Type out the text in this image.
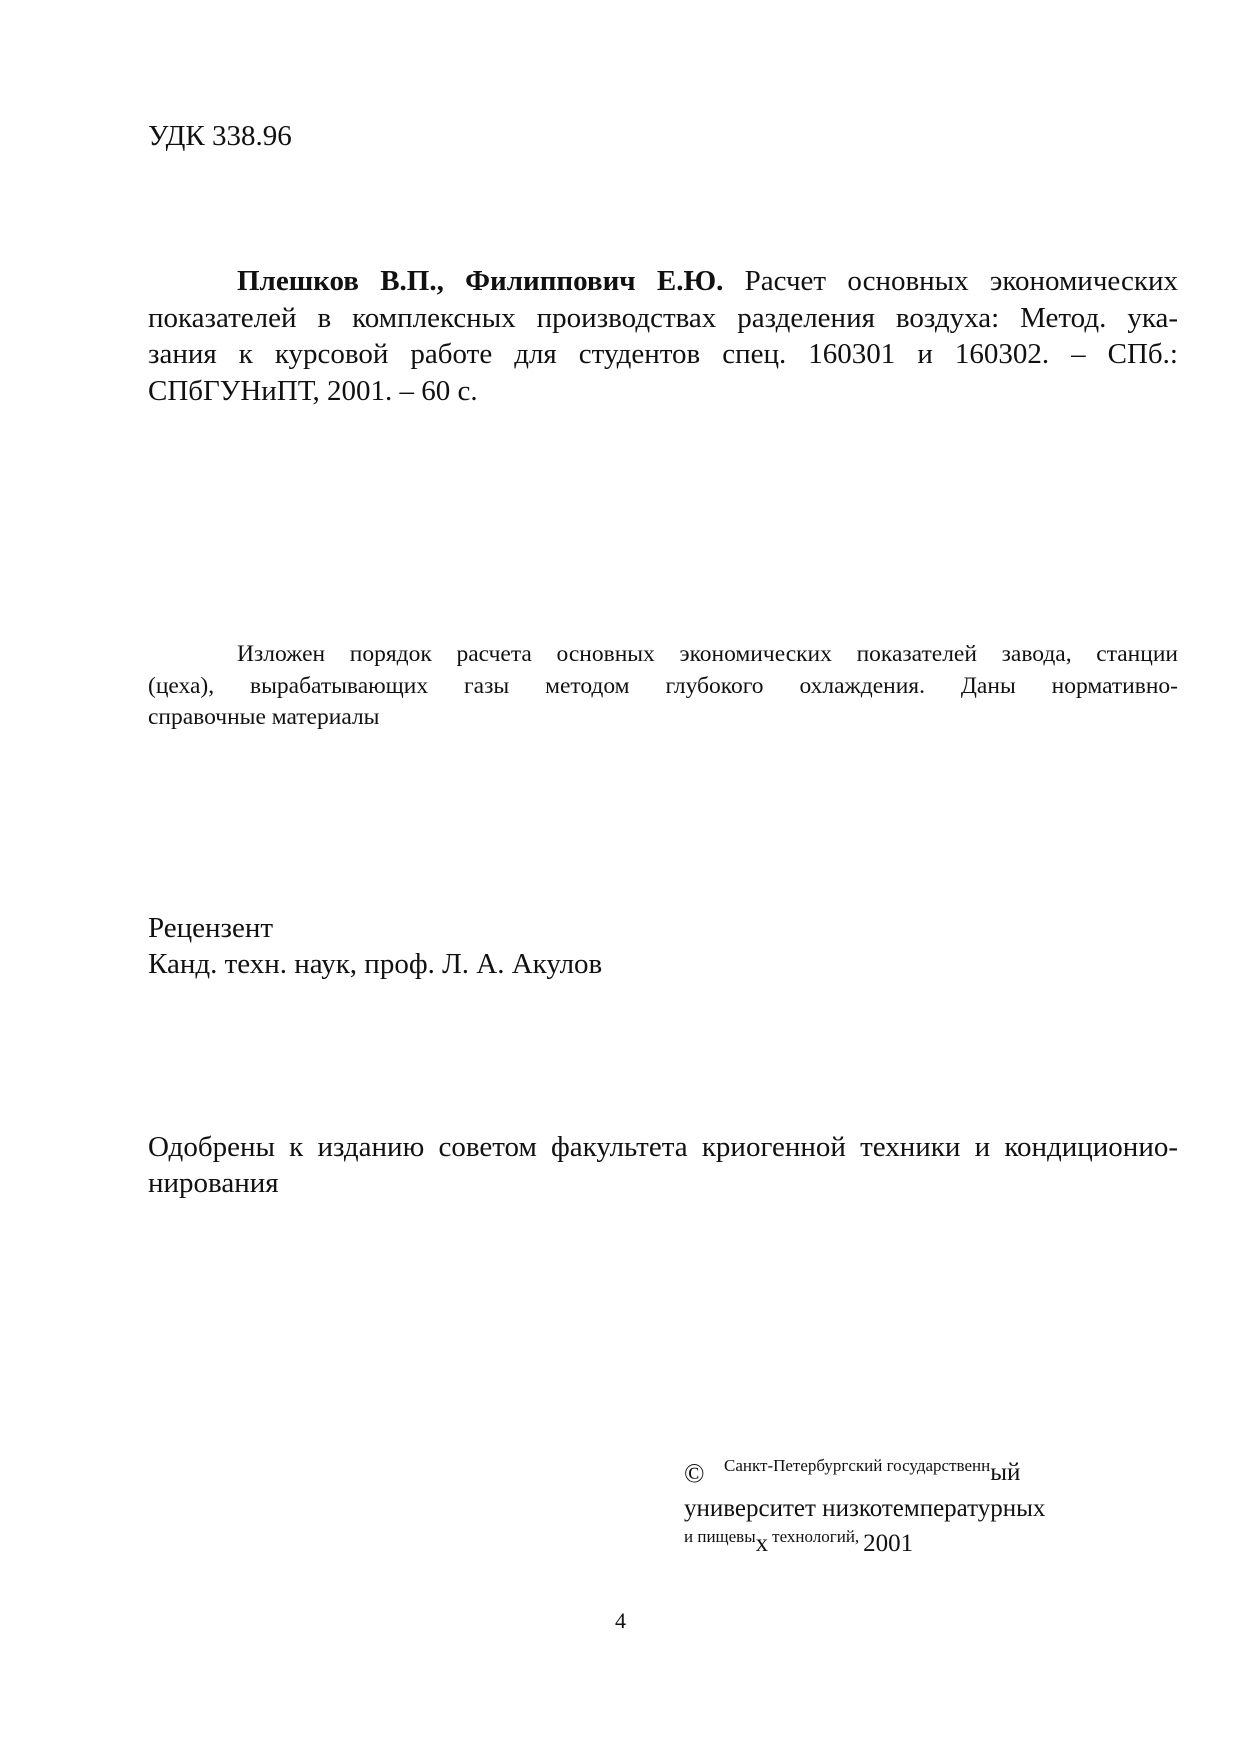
УДК 338.96

Плешков В.П., Филиппович Е.Ю. Расчет основных экономических

показателей в комплексных производствах разделения воздуха: Метод. ука-

зания к курсовой работе для студентов спец. 160301 и 160302. – СПб.:

СПбГУНиПТ, 2001. – 60 с.

Изложен порядок расчета основных экономических показателей завода, станции
(цеха), вырабатывающих газы методом глубокого охлаждения. Даны нормативно-
справочные материалы

Рецензент

Канд. техн. наук, проф. Л. А. Акулов

Одобрены к изданию советом факультета криогенной техники и кондиционио-

нирования

© Санкт-Петербургский государственный
университет низкотемпературных
и пищевых технологий, 2001
4
